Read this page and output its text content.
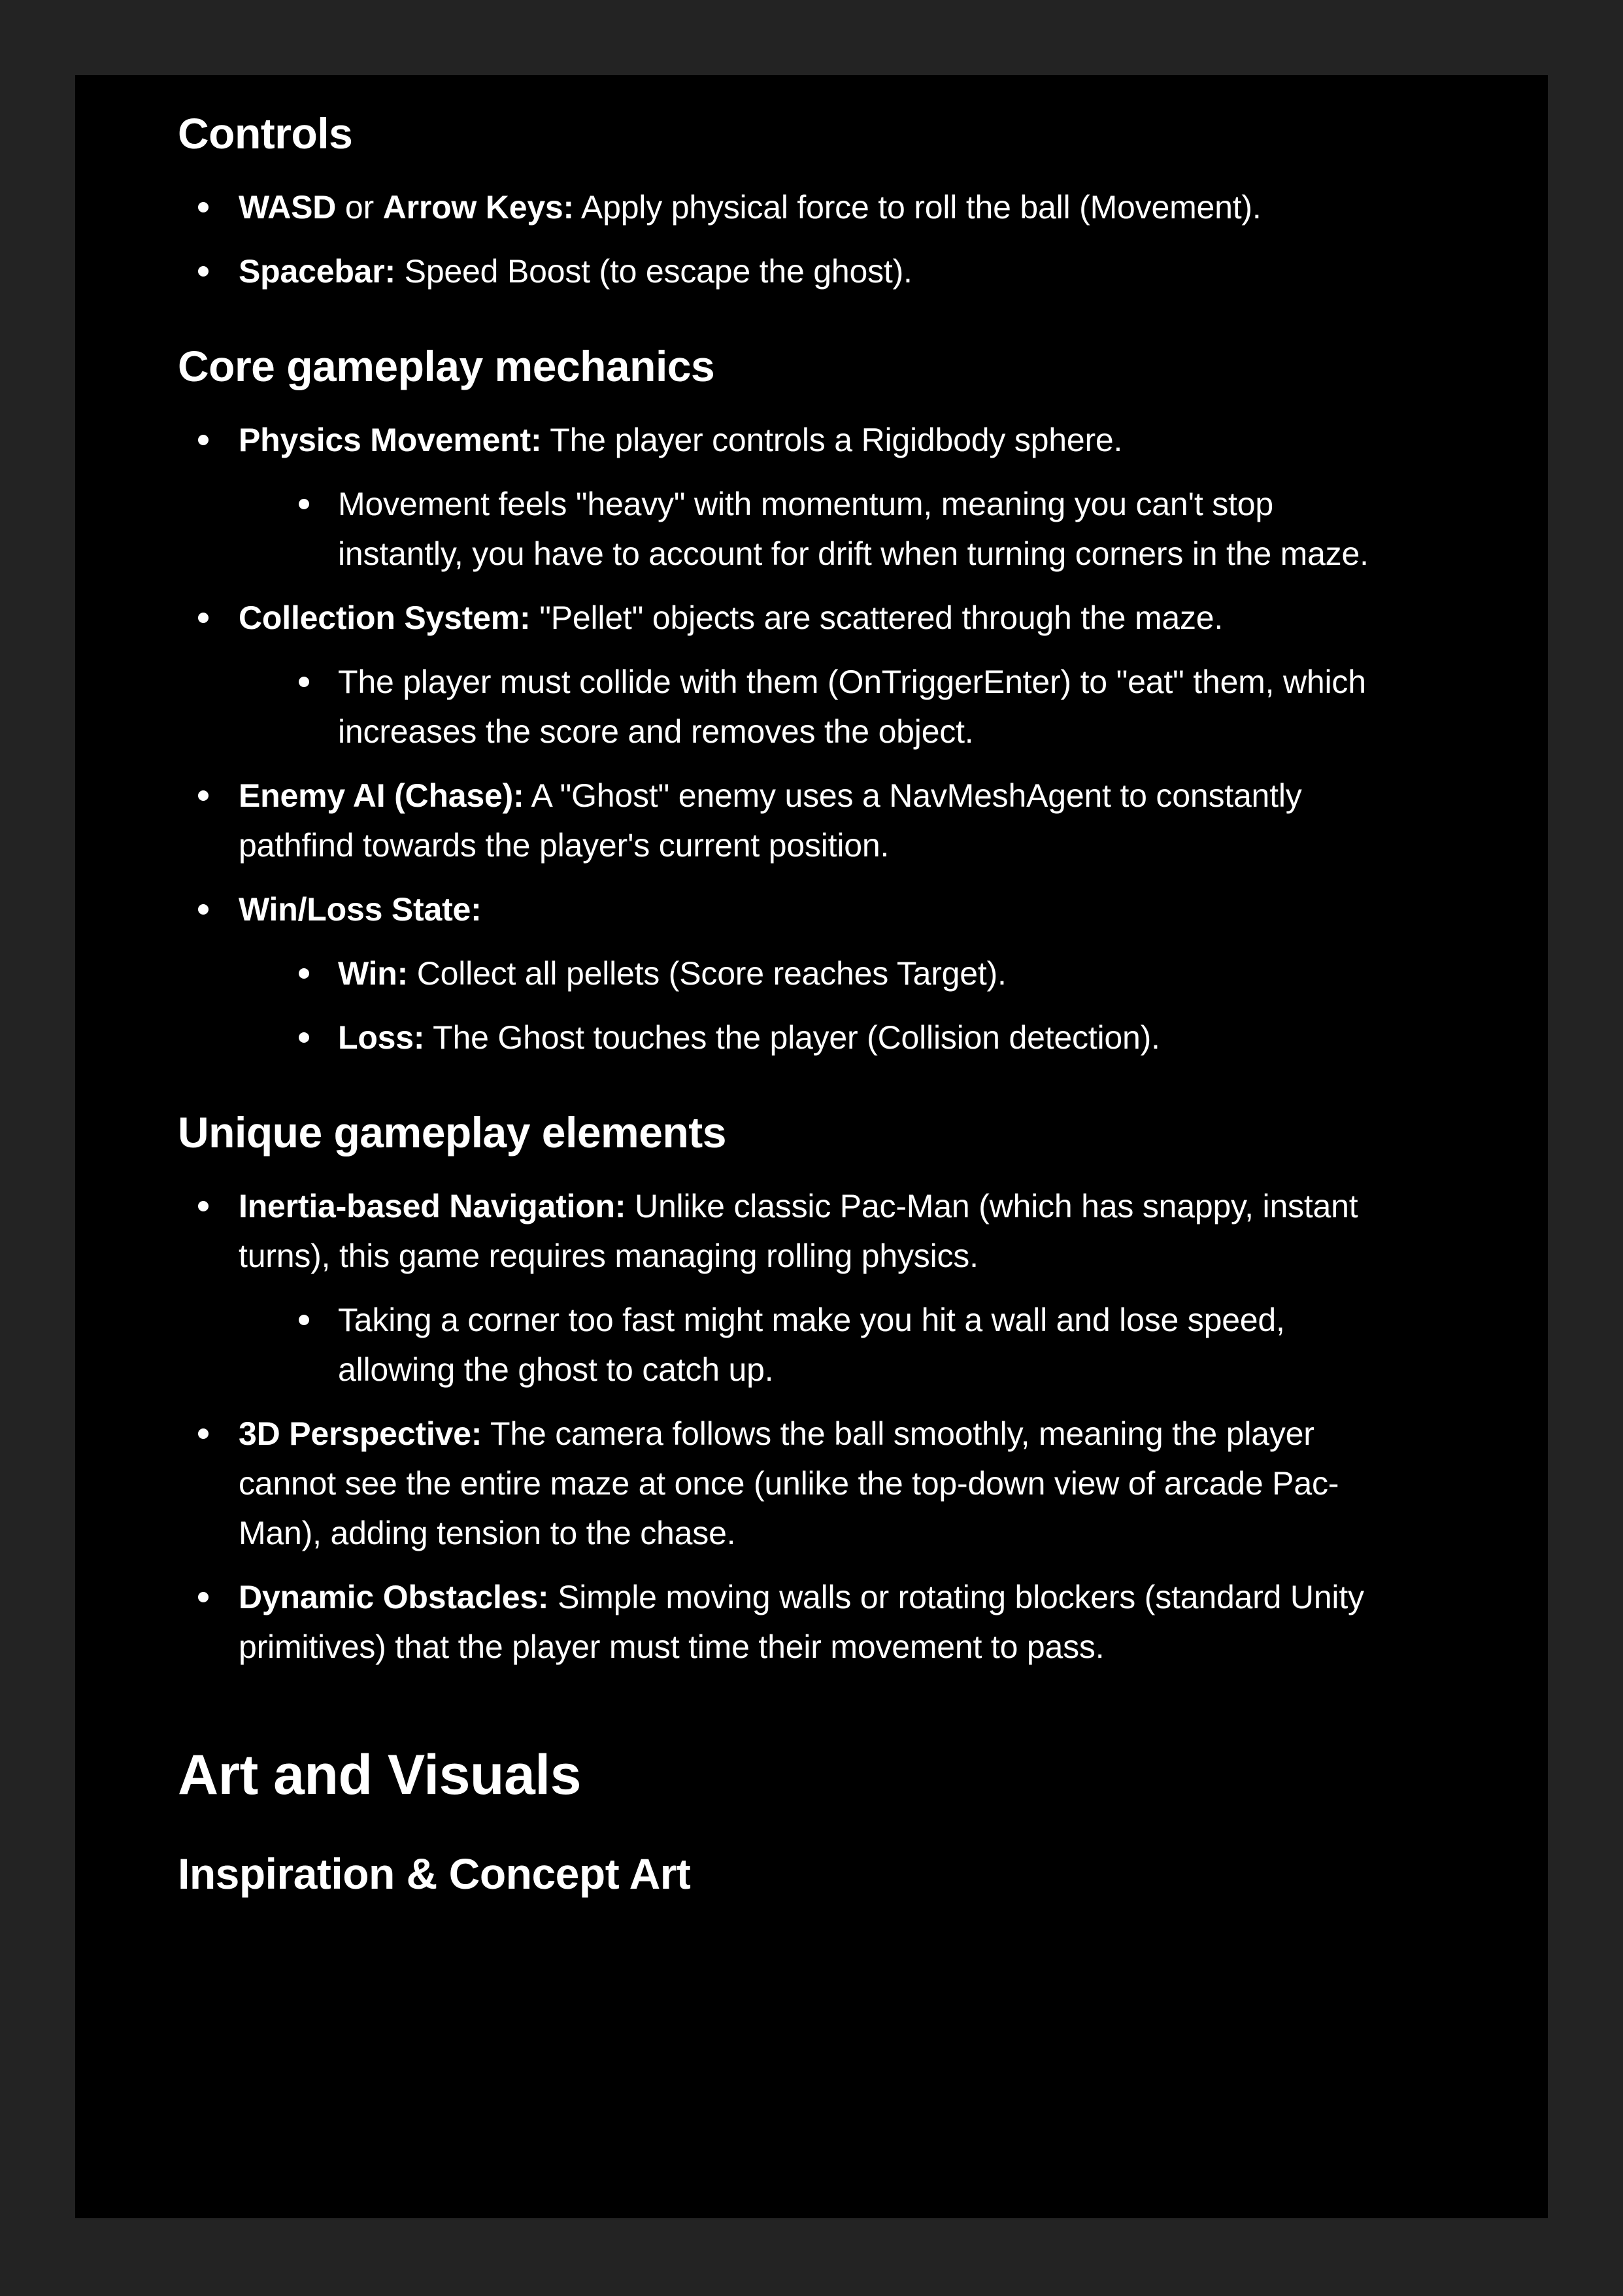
Controls

WASD or Arrow Keys: Apply physical force to roll the ball (Movement).

Spacebar: Speed Boost (to escape the ghost).

Core gameplay mechanics

Physics Movement: The player controls a Rigidbody sphere.

Movement feels "heavy" with momentum, meaning you can't stop
instantly, you have to account for drift when turning corners in the maze.

Collection System: "Pellet" objects are scattered through the maze.

The player must collide with them (OnTriggerEnter) to "eat" them, which
increases the score and removes the object.

Enemy AI (Chase): A "Ghost" enemy uses a NavMeshAgent to constantly
pathfind towards the player's current position.

Win/Loss State:

Win: Collect all pellets (Score reaches Target).

Loss: The Ghost touches the player (Collision detection).

Unique gameplay elements

Inertia-based Navigation: Unlike classic Pac-Man (which has snappy, instant
turns), this game requires managing rolling physics.

Taking a corner too fast might make you hit a wall and lose speed,
allowing the ghost to catch up.

3D Perspective: The camera follows the ball smoothly, meaning the player
cannot see the entire maze at once (unlike the top-down view of arcade Pac-
Man), adding tension to the chase.

Dynamic Obstacles: Simple moving walls or rotating blockers (standard Unity
primitives) that the player must time their movement to pass.

Art and Visuals
Inspiration & Concept Art
